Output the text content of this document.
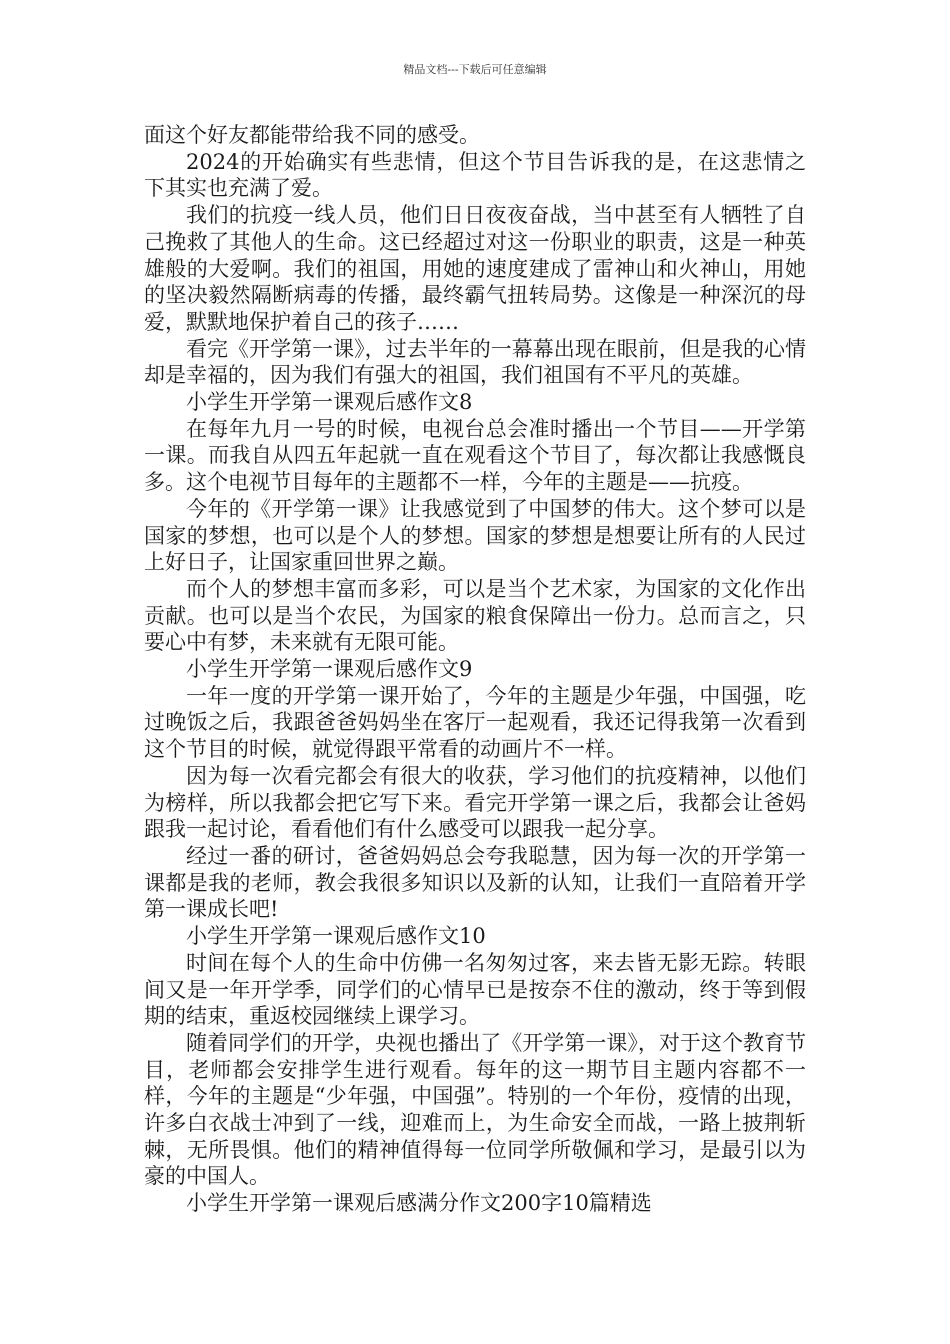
精品文档---下载后可任意编辑

面这个好友都能带给我不同的感受。

2024的开始确实有些悲情，但这个节目告诉我的是，在这悲情之下其实也充满了爱。

我们的抗疫一线人员，他们日日夜夜奋战，当中甚至有人牺牲了自己挽救了其他人的生命。这已经超过对这一份职业的职责，这是一种英雄般的大爱啊。我们的祖国，用她的速度建成了雷神山和火神山，用她的坚决毅然隔断病毒的传播，最终霸气扭转局势。这像是一种深沉的母爱，默默地保护着自己的孩子……

看完《开学第一课》，过去半年的一幕幕出现在眼前，但是我的心情却是幸福的，因为我们有强大的祖国，我们祖国有不平凡的英雄。

小学生开学第一课观后感作文8

在每年九月一号的时候，电视台总会准时播出一个节目——开学第一课。而我自从四五年起就一直在观看这个节目了，每次都让我感慨良多。这个电视节目每年的主题都不一样，今年的主题是——抗疫。

今年的《开学第一课》让我感觉到了中国梦的伟大。这个梦可以是国家的梦想，也可以是个人的梦想。国家的梦想是想要让所有的人民过上好日子，让国家重回世界之巅。

而个人的梦想丰富而多彩，可以是当个艺术家，为国家的文化作出贡献。也可以是当个农民，为国家的粮食保障出一份力。总而言之，只要心中有梦，未来就有无限可能。

小学生开学第一课观后感作文9

一年一度的开学第一课开始了，今年的主题是少年强，中国强，吃过晚饭之后，我跟爸爸妈妈坐在客厅一起观看，我还记得我第一次看到这个节目的时候，就觉得跟平常看的动画片不一样。

因为每一次看完都会有很大的收获，学习他们的抗疫精神，以他们为榜样，所以我都会把它写下来。看完开学第一课之后，我都会让爸妈跟我一起讨论，看看他们有什么感受可以跟我一起分享。

经过一番的研讨，爸爸妈妈总会夸我聪慧，因为每一次的开学第一课都是我的老师，教会我很多知识以及新的认知，让我们一直陪着开学第一课成长吧!

小学生开学第一课观后感作文10

时间在每个人的生命中仿佛一名匆匆过客，来去皆无影无踪。转眼间又是一年开学季，同学们的心情早已是按奈不住的激动，终于等到假期的结束，重返校园继续上课学习。

随着同学们的开学，央视也播出了《开学第一课》，对于这个教育节目，老师都会安排学生进行观看。每年的这一期节目主题内容都不一样，今年的主题是“少年强，中国强”。特别的一个年份，疫情的出现，许多白衣战士冲到了一线，迎难而上，为生命安全而战，一路上披荆斩棘，无所畏惧。他们的精神值得每一位同学所敬佩和学习，是最引以为豪的中国人。

小学生开学第一课观后感满分作文200字10篇精选
